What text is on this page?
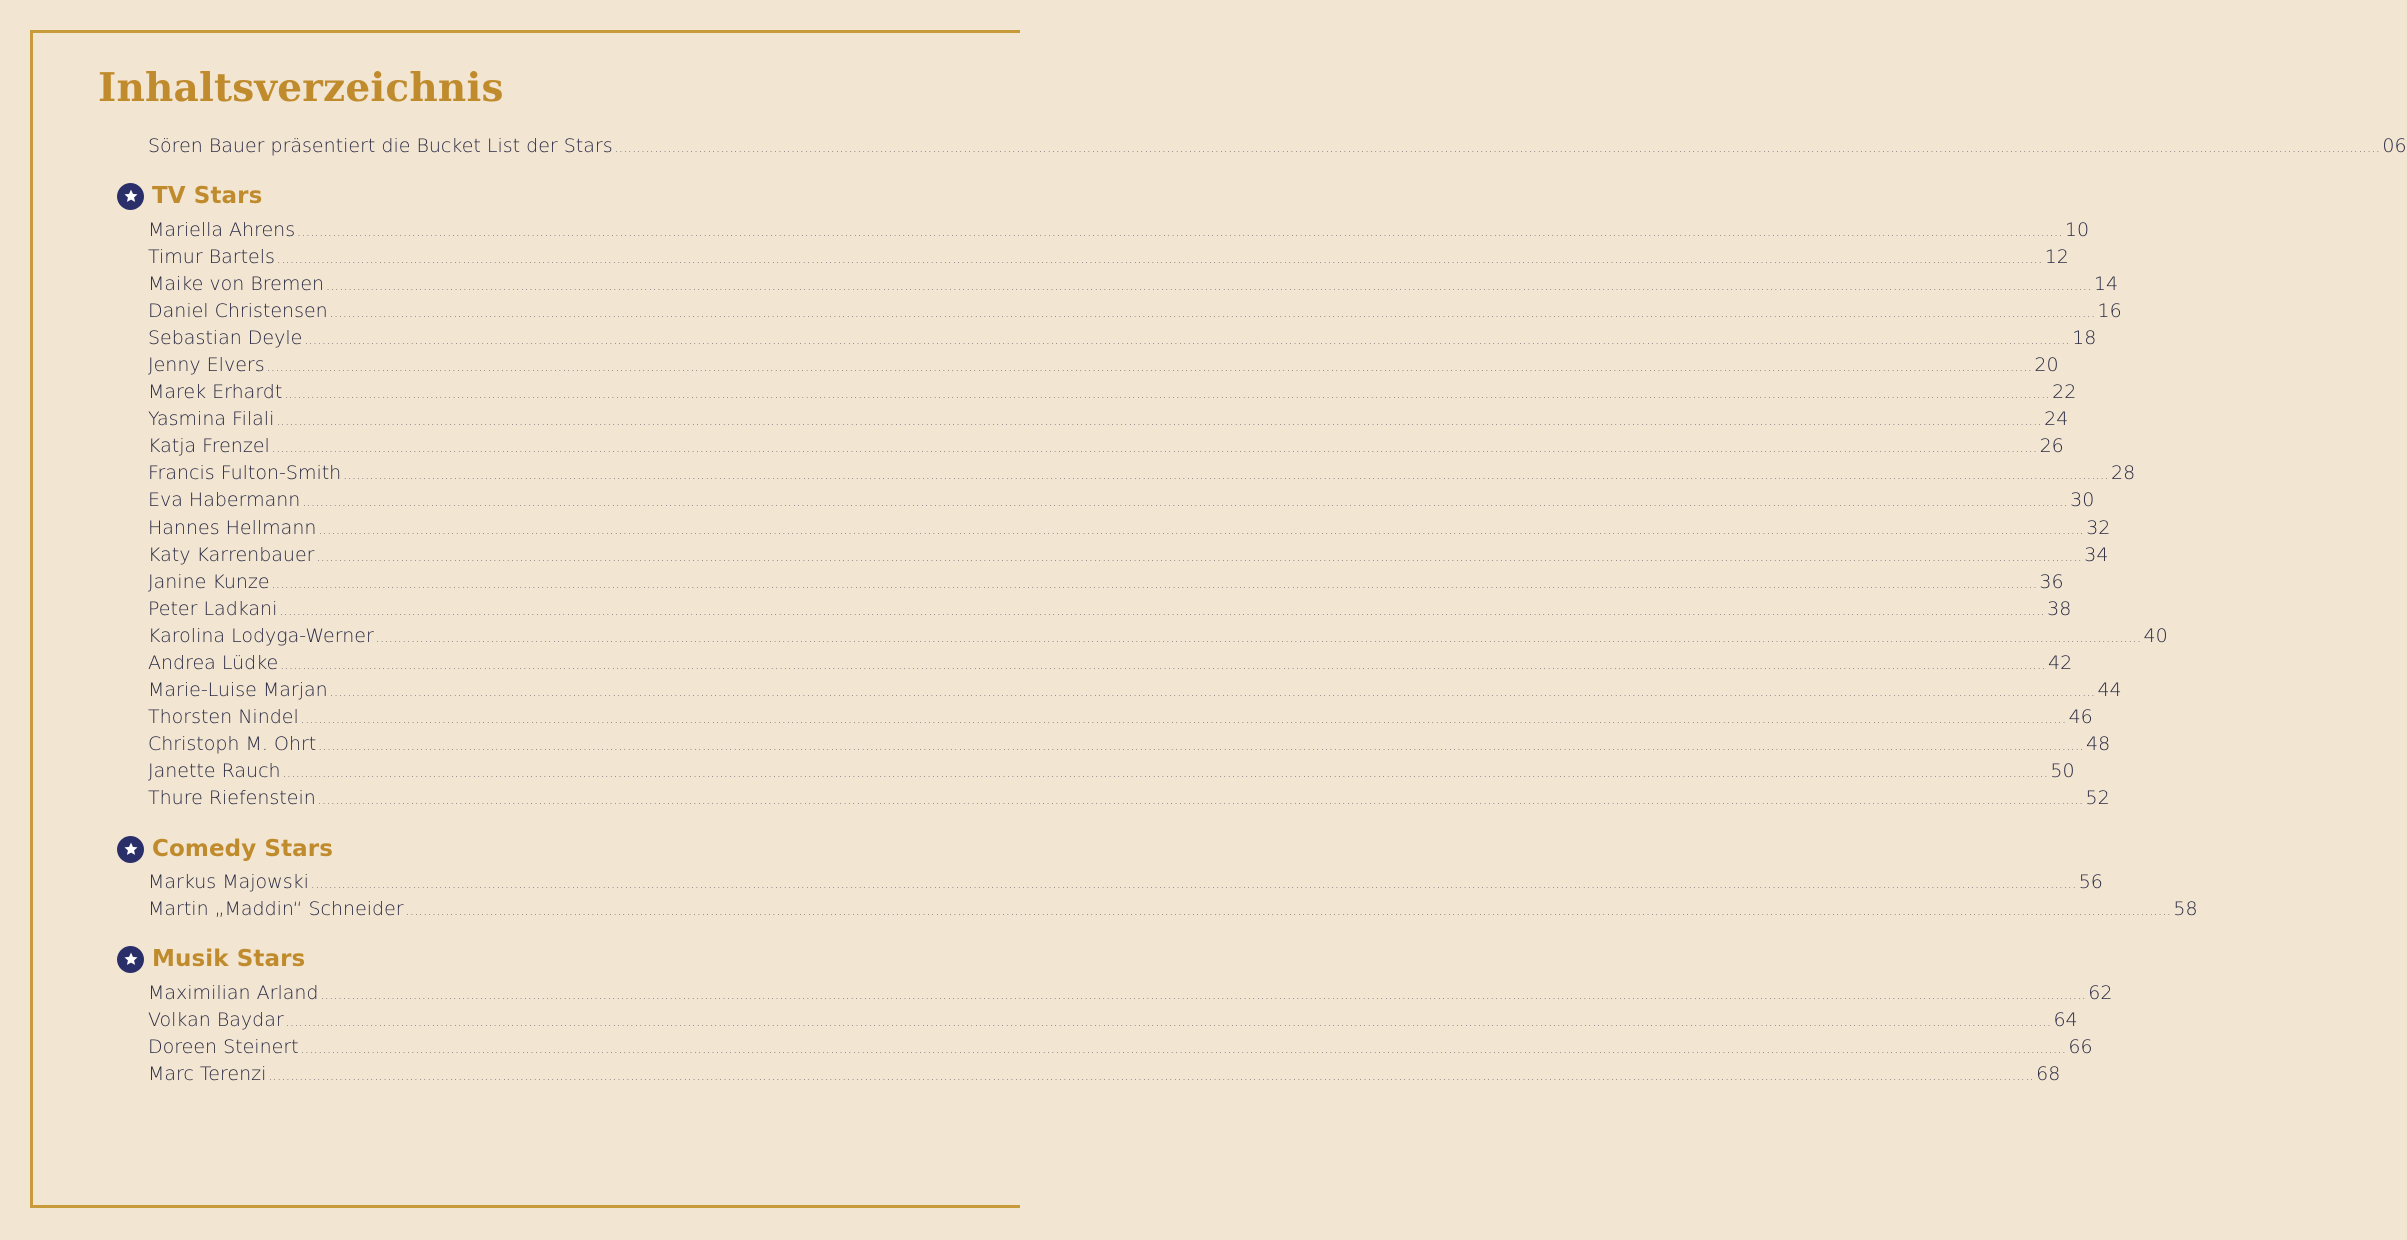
Inhaltsverzeichnis
Sören Bauer präsentiert die Bucket List der Stars ................................................................................................................................................................................................................................................................................................................................................................................................................ 06
TV Stars
Mariella Ahrens ................................................................................................................................................................................................................................................................................................................................................................................................................ 10
Timur Bartels ................................................................................................................................................................................................................................................................................................................................................................................................................ 12
Maike von Bremen ................................................................................................................................................................................................................................................................................................................................................................................................................ 14
Daniel Christensen ................................................................................................................................................................................................................................................................................................................................................................................................................ 16
Sebastian Deyle ................................................................................................................................................................................................................................................................................................................................................................................................................ 18
Jenny Elvers ................................................................................................................................................................................................................................................................................................................................................................................................................ 20
Marek Erhardt ................................................................................................................................................................................................................................................................................................................................................................................................................ 22
Yasmina Filali ................................................................................................................................................................................................................................................................................................................................................................................................................ 24
Katja Frenzel ................................................................................................................................................................................................................................................................................................................................................................................................................ 26
Francis Fulton-Smith ................................................................................................................................................................................................................................................................................................................................................................................................................ 28
Eva Habermann ................................................................................................................................................................................................................................................................................................................................................................................................................ 30
Hannes Hellmann ................................................................................................................................................................................................................................................................................................................................................................................................................ 32
Katy Karrenbauer ................................................................................................................................................................................................................................................................................................................................................................................................................ 34
Janine Kunze ................................................................................................................................................................................................................................................................................................................................................................................................................ 36
Peter Ladkani ................................................................................................................................................................................................................................................................................................................................................................................................................ 38
Karolina Lodyga-Werner ................................................................................................................................................................................................................................................................................................................................................................................................................ 40
Andrea Lüdke ................................................................................................................................................................................................................................................................................................................................................................................................................ 42
Marie-Luise Marjan ................................................................................................................................................................................................................................................................................................................................................................................................................ 44
Thorsten Nindel ................................................................................................................................................................................................................................................................................................................................................................................................................ 46
Christoph M. Ohrt ................................................................................................................................................................................................................................................................................................................................................................................................................ 48
Janette Rauch ................................................................................................................................................................................................................................................................................................................................................................................................................ 50
Thure Riefenstein ................................................................................................................................................................................................................................................................................................................................................................................................................ 52
Comedy Stars
Markus Majowski ................................................................................................................................................................................................................................................................................................................................................................................................................ 56
Martin „Maddin“ Schneider ................................................................................................................................................................................................................................................................................................................................................................................................................ 58
Musik Stars
Maximilian Arland ................................................................................................................................................................................................................................................................................................................................................................................................................ 62
Volkan Baydar ................................................................................................................................................................................................................................................................................................................................................................................................................ 64
Doreen Steinert ................................................................................................................................................................................................................................................................................................................................................................................................................ 66
Marc Terenzi ................................................................................................................................................................................................................................................................................................................................................................................................................ 68
